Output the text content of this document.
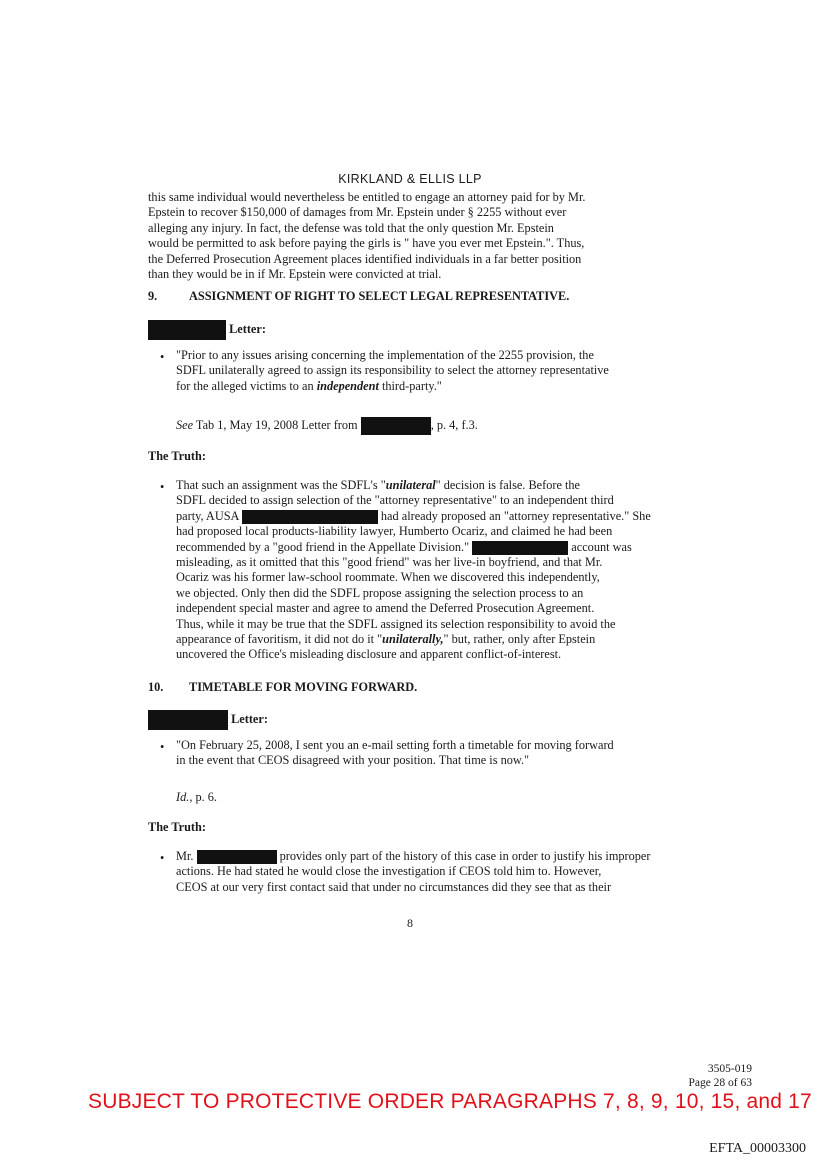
KIRKLAND & ELLIS LLP

this same individual would nevertheless be entitled to engage an attorney paid for by Mr.

Epstein to recover $150,000 of damages from Mr. Epstein under § 2255 without ever

alleging any injury. In fact, the defense was told that the only question Mr. Epstein

would be permitted to ask before paying the girls is " have you ever met Epstein.". Thus,

the Deferred Prosecution Agreement places identified individuals in a far better position

than they would be in if Mr. Epstein were convicted at trial.

9.	ASSIGNMENT OF RIGHT TO SELECT LEGAL REPRESENTATIVE.
Letter:
• "Prior to any issues arising concerning the implementation of the 2255 provision, the
SDFL unilaterally agreed to assign its responsibility to select the attorney representative
for the alleged victims to an independent third-party."
See Tab 1, May 19, 2008 Letter from	, p. 4, f.3.
The Truth:
• That such an assignment was the SDFL's "unilateral" decision is false. Before the
SDFL decided to assign selection of the "attorney representative" to an independent third
party, AUSA	had already proposed an "attorney representative." She
had proposed local products-liability lawyer, Humberto Ocariz, and claimed he had been
recommended by a "good friend in the Appellate Division."	account was
misleading, as it omitted that this "good friend" was her live-in boyfriend, and that Mr.
Ocariz was his former law-school roommate. When we discovered this independently,
we objected. Only then did the SDFL propose assigning the selection process to an
independent special master and agree to amend the Deferred Prosecution Agreement.
Thus, while it may be true that the SDFL assigned its selection responsibility to avoid the
appearance of favoritism, it did not do it "unilaterally," but, rather, only after Epstein
uncovered the Office's misleading disclosure and apparent conflict-of-interest.
10. TIMETABLE FOR MOVING FORWARD.
Letter:
• "On February 25, 2008, I sent you an e-mail setting forth a timetable for moving forward
in the event that CEOS disagreed with your position. That time is now."
Id., p. 6.
The Truth:
• Mr.	provides only part of the history of this case in order to justify his improper
actions. He had stated he would close the investigation if CEOS told him to. However,
CEOS at our very first contact said that under no circumstances did they see that as their
8
3505-019
Page 28 of 63
SUBJECT TO PROTECTIVE ORDER PARAGRAPHS 7, 8, 9, 10, 15, and 17
EFTA_00003300
